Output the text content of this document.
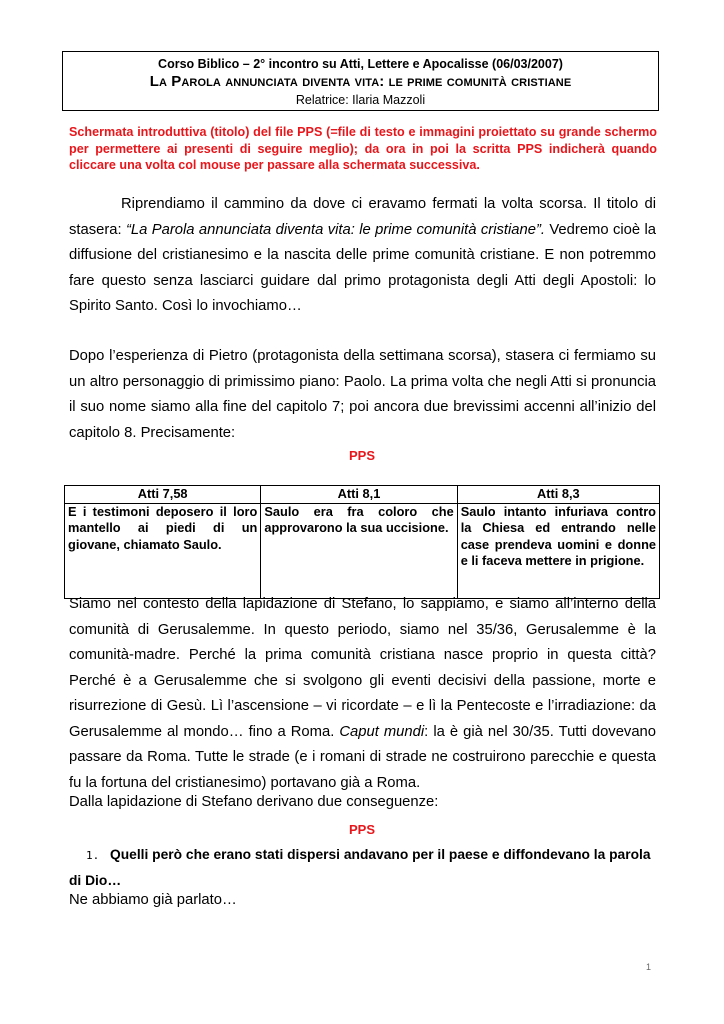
Corso Biblico – 2° incontro su Atti, Lettere e Apocalisse (06/03/2007)
La Parola annunciata diventa vita: le prime comunità cristiane
Relatrice: Ilaria Mazzoli
Schermata introduttiva (titolo) del file PPS (=file di testo e immagini proiettato su grande schermo per permettere ai presenti di seguire meglio); da ora in poi la scritta PPS indicherà quando cliccare una volta col mouse per passare alla schermata successiva.
Riprendiamo il cammino da dove ci eravamo fermati la volta scorsa. Il titolo di stasera: “La Parola annunciata diventa vita: le prime comunità cristiane”. Vedremo cioè la diffusione del cristianesimo e la nascita delle prime comunità cristiane. E non potremmo fare questo senza lasciarci guidare dal primo protagonista degli Atti degli Apostoli: lo Spirito Santo. Così lo invochiamo…
Dopo l’esperienza di Pietro (protagonista della settimana scorsa), stasera ci fermiamo su un altro personaggio di primissimo piano: Paolo. La prima volta che negli Atti si pronuncia il suo nome siamo alla fine del capitolo 7; poi ancora due brevissimi accenni all’inizio del capitolo 8. Precisamente:
PPS
Atti 7,58	Atti 8,1	Atti 8,3
E i testimoni deposero il loro mantello ai piedi di un giovane, chiamato Saulo.	Saulo era fra coloro che approvarono la sua uccisione.	Saulo intanto infuriava contro la Chiesa ed entrando nelle case prendeva uomini e donne e li faceva mettere in prigione.
Siamo nel contesto della lapidazione di Stefano, lo sappiamo, e siamo all’interno della comunità di Gerusalemme. In questo periodo, siamo nel 35/36, Gerusalemme è la comunità-madre. Perché la prima comunità cristiana nasce proprio in questa città? Perché è a Gerusalemme che si svolgono gli eventi decisivi della passione, morte e risurrezione di Gesù. Lì l’ascensione – vi ricordate – e lì la Pentecoste e l’irradiazione: da Gerusalemme al mondo… fino a Roma. Caput mundi: la è già nel 30/35. Tutti dovevano passare da Roma. Tutte le strade (e i romani di strade ne costruirono parecchie e questa fu la fortuna del cristianesimo) portavano già a Roma.
Dalla lapidazione di Stefano derivano due conseguenze:
PPS
1. Quelli però che erano stati dispersi andavano per il paese e diffondevano la parola di Dio…
Ne abbiamo già parlato…
1
